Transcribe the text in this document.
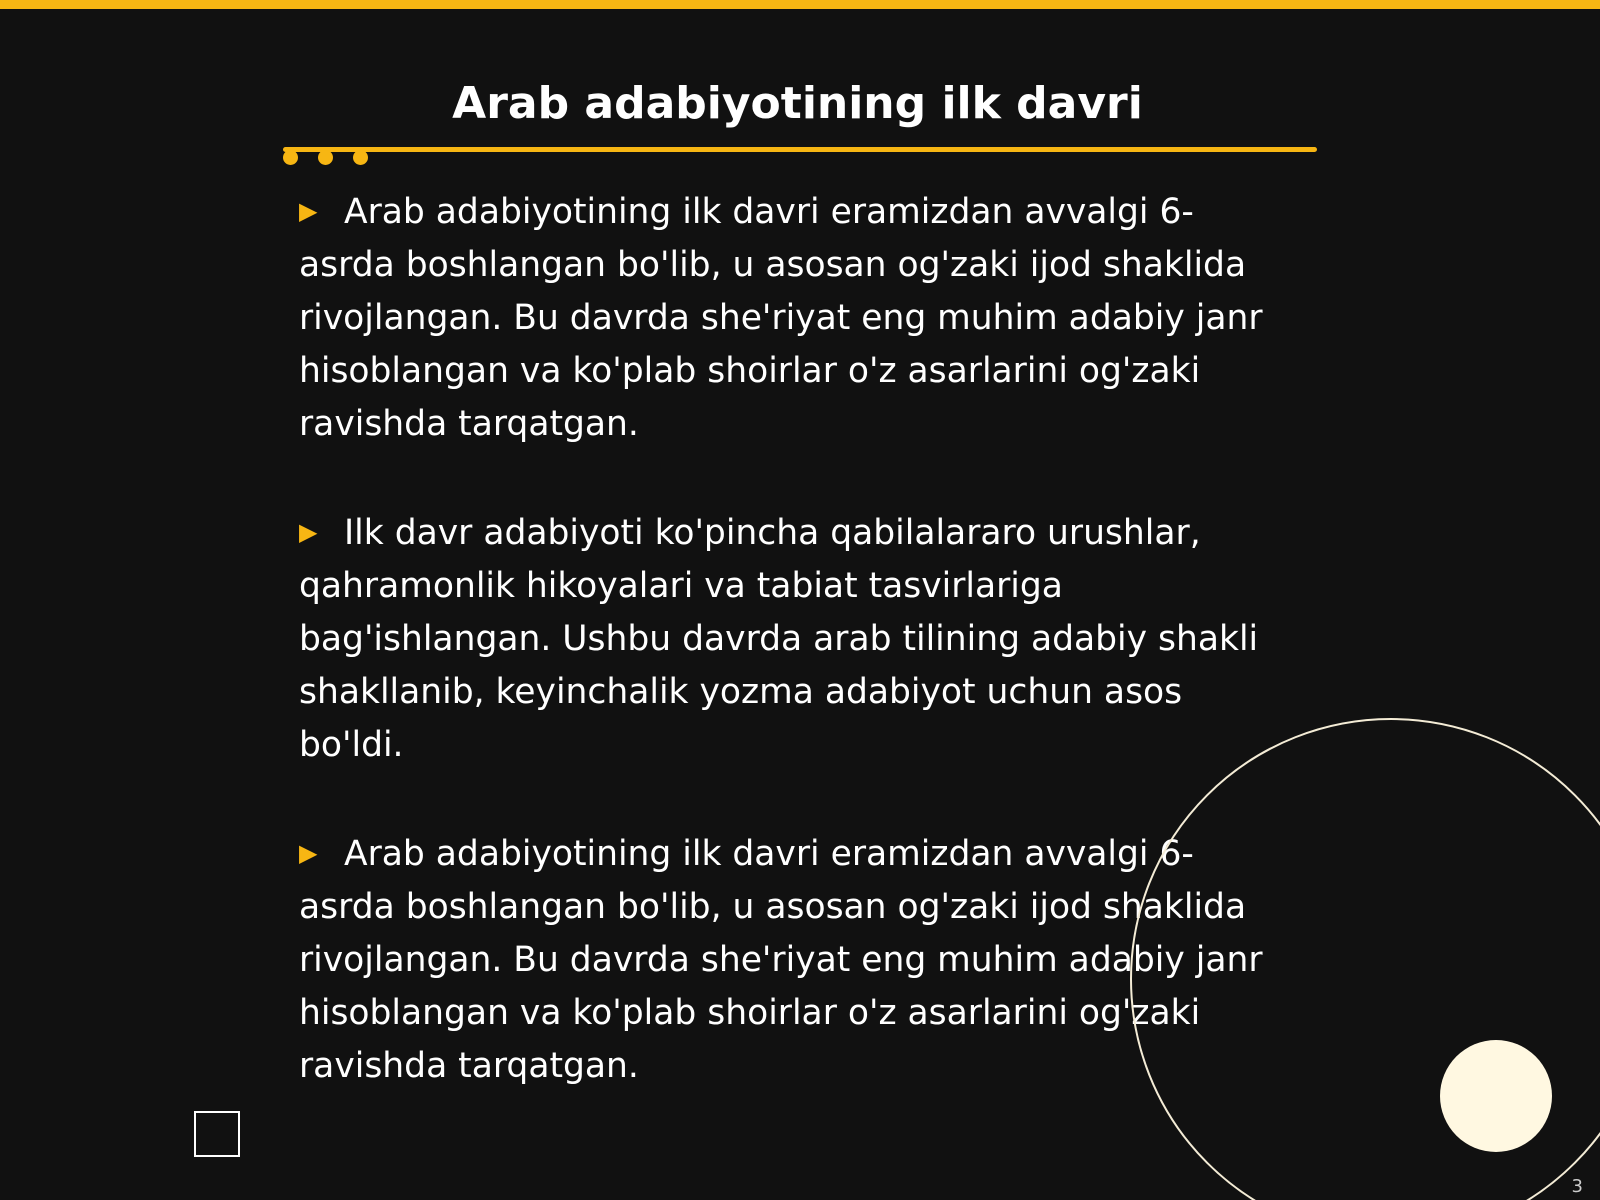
Arab adabiyotining ilk davri
▶ Arab adabiyotining ilk davri eramizdan avvalgi 6-
asrda boshlangan bo'lib, u asosan og'zaki ijod shaklida
rivojlangan. Bu davrda she'riyat eng muhim adabiy janr
hisoblangan va ko'plab shoirlar o'z asarlarini og'zaki
ravishda tarqatgan.
▶ Ilk davr adabiyoti ko'pincha qabilalararo urushlar,
qahramonlik hikoyalari va tabiat tasvirlariga
bag'ishlangan. Ushbu davrda arab tilining adabiy shakli
shakllanib, keyinchalik yozma adabiyot uchun asos
bo'ldi.
▶ Arab adabiyotining ilk davri eramizdan avvalgi 6-
asrda boshlangan bo'lib, u asosan og'zaki ijod shaklida
rivojlangan. Bu davrda she'riyat eng muhim adabiy janr
hisoblangan va ko'plab shoirlar o'z asarlarini og'zaki
ravishda tarqatgan.
3
